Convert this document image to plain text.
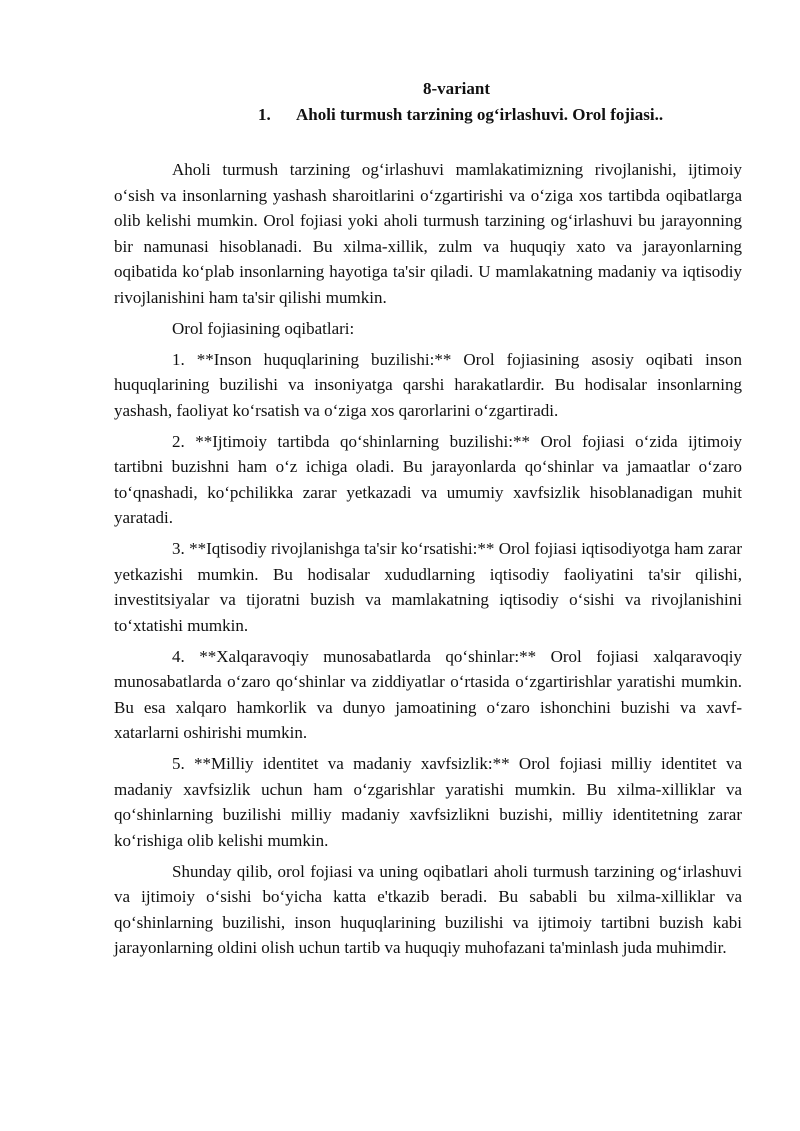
8-variant
1. Aholi turmush tarzining og‘irlashuvi. Orol fojiasi..

Aholi turmush tarzining og‘irlashuvi mamlakatimizning rivojlanishi, ijtimoiy o‘sish va insonlarning yashash sharoitlarini o‘zgartirishi va o‘ziga xos tartibda oqibatlarga olib kelishi mumkin. Orol fojiasi yoki aholi turmush tarzining og‘irlashuvi bu jarayonning bir namunasi hisoblanadi. Bu xilma-xillik, zulm va huquqiy xato va jarayonlarning oqibatida ko‘plab insonlarning hayotiga ta'sir qiladi. U mamlakatning madaniy va iqtisodiy rivojlanishini ham ta'sir qilishi mumkin.

Orol fojiasining oqibatlari:

1. **Inson huquqlarining buzilishi:** Orol fojiasining asosiy oqibati inson huquqlarining buzilishi va insoniyatga qarshi harakatlardir. Bu hodisalar insonlarning yashash, faoliyat ko‘rsatish va o‘ziga xos qarorlarini o‘zgartiradi.

2. **Ijtimoiy tartibda qo‘shinlarning buzilishi:** Orol fojiasi o‘zida ijtimoiy tartibni buzishni ham o‘z ichiga oladi. Bu jarayonlarda qo‘shinlar va jamaatlar o‘zaro to‘qnashadi, ko‘pchilikka zarar yetkazadi va umumiy xavfsizlik hisoblanadigan muhit yaratadi.

3. **Iqtisodiy rivojlanishga ta'sir ko‘rsatishi:** Orol fojiasi iqtisodiyotga ham zarar yetkazishi mumkin. Bu hodisalar xududlarning iqtisodiy faoliyatini ta'sir qilishi, investitsiyalar va tijoratni buzish va mamlakatning iqtisodiy o‘sishi va rivojlanishini to‘xtatishi mumkin.

4. **Xalqaravoqiy munosabatlarda qo‘shinlar:** Orol fojiasi xalqaravoqiy munosabatlarda o‘zaro qo‘shinlar va ziddiyatlar o‘rtasida o‘zgartirishlar yaratishi mumkin. Bu esa xalqaro hamkorlik va dunyo jamoatining o‘zaro ishonchini buzishi va xavf-xatarlarni oshirishi mumkin.

5. **Milliy identitet va madaniy xavfsizlik:** Orol fojiasi milliy identitet va madaniy xavfsizlik uchun ham o‘zgarishlar yaratishi mumkin. Bu xilma-xilliklar va qo‘shinlarning buzilishi milliy madaniy xavfsizlikni buzishi, milliy identitetning zarar ko‘rishiga olib kelishi mumkin.

Shunday qilib, orol fojiasi va uning oqibatlari aholi turmush tarzining og‘irlashuvi va ijtimoiy o‘sishi bo‘yicha katta e'tkazib beradi. Bu sababli bu xilma-xilliklar va qo‘shinlarning buzilishi, inson huquqlarining buzilishi va ijtimoiy tartibni buzish kabi jarayonlarning oldini olish uchun tartib va huquqiy muhofazani ta'minlash juda muhimdir.
